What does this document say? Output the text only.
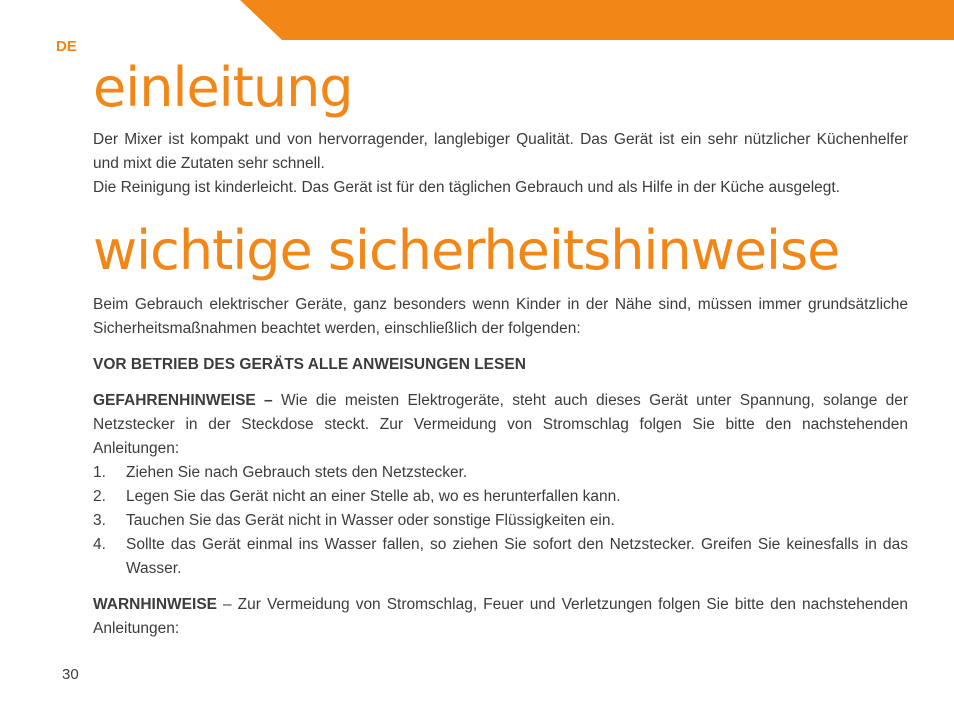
DE
einleitung

Der Mixer ist kompakt und von hervorragender, langlebiger Qualität. Das Gerät ist ein sehr nützlicher Küchenhelfer und mixt die Zutaten sehr schnell.

Die Reinigung ist kinderleicht. Das Gerät ist für den täglichen Gebrauch und als Hilfe in der Küche ausgelegt.

wichtige sicherheitshinweise

Beim Gebrauch elektrischer Geräte, ganz besonders wenn Kinder in der Nähe sind, müssen immer grundsätzliche Sicherheitsmaßnahmen beachtet werden, einschließlich der folgenden:

VOR BETRIEB DES GERÄTS ALLE ANWEISUNGEN LESEN

GEFAHRENHINWEISE – Wie die meisten Elektrogeräte, steht auch dieses Gerät unter Spannung, solange der Netzstecker in der Steckdose steckt. Zur Vermeidung von Stromschlag folgen Sie bitte den nachstehenden Anleitungen:

1. Ziehen Sie nach Gebrauch stets den Netzstecker.
2. Legen Sie das Gerät nicht an einer Stelle ab, wo es herunterfallen kann.
3. Tauchen Sie das Gerät nicht in Wasser oder sonstige Flüssigkeiten ein.
4. Sollte das Gerät einmal ins Wasser fallen, so ziehen Sie sofort den Netzstecker. Greifen Sie keinesfalls in das Wasser.

WARNHINWEISE – Zur Vermeidung von Stromschlag, Feuer und Verletzungen folgen Sie bitte den nachstehenden Anleitungen:

30
